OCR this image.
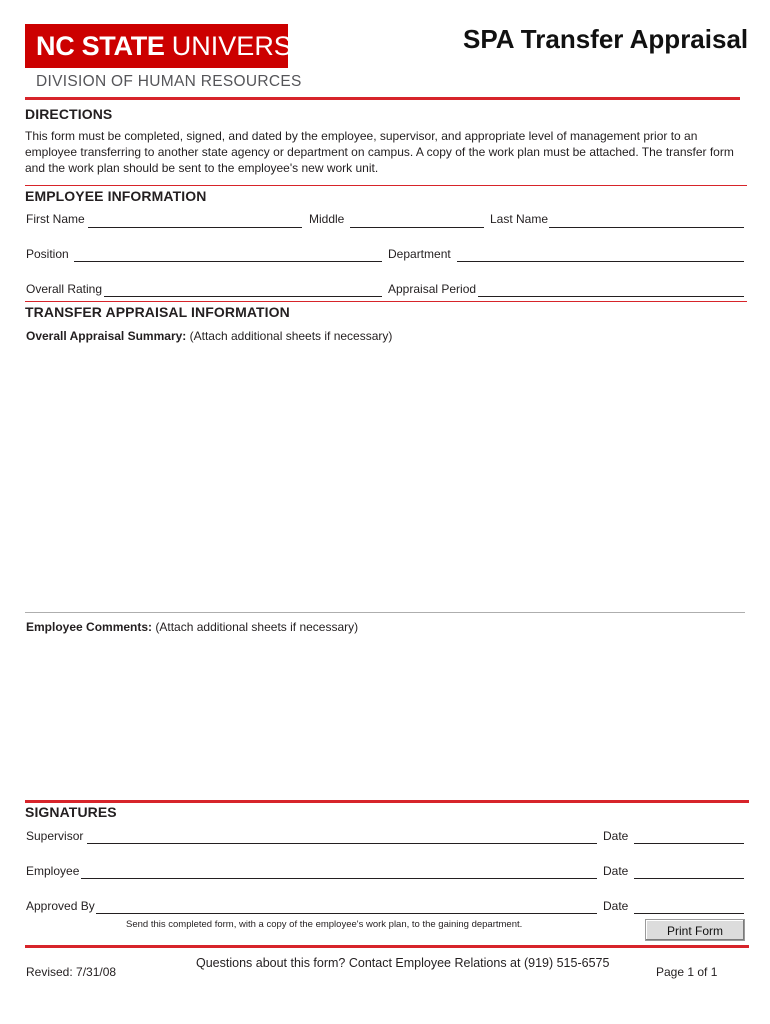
NC STATE UNIVERSITY
DIVISION OF HUMAN RESOURCES
SPA Transfer Appraisal
DIRECTIONS
This form must be completed, signed, and dated by the employee, supervisor, and appropriate level of management prior to an
employee transferring to another state agency or department on campus. A copy of the work plan must be attached. The transfer form
and the work plan should be sent to the employee's new work unit.
EMPLOYEE INFORMATION
First Name	Middle	Last Name
Position	Department
Overall Rating	Appraisal Period
TRANSFER APPRAISAL INFORMATION
Overall Appraisal Summary: (Attach additional sheets if necessary)
Employee Comments: (Attach additional sheets if necessary)
SIGNATURES
Supervisor	Date
Employee	Date
Approved By	Date
Send this completed form, with a copy of the employee's work plan, to the gaining department.	Print Form
Revised: 7/31/08
Questions about this form? Contact Employee Relations at (919) 515-6575
Page 1 of 1
